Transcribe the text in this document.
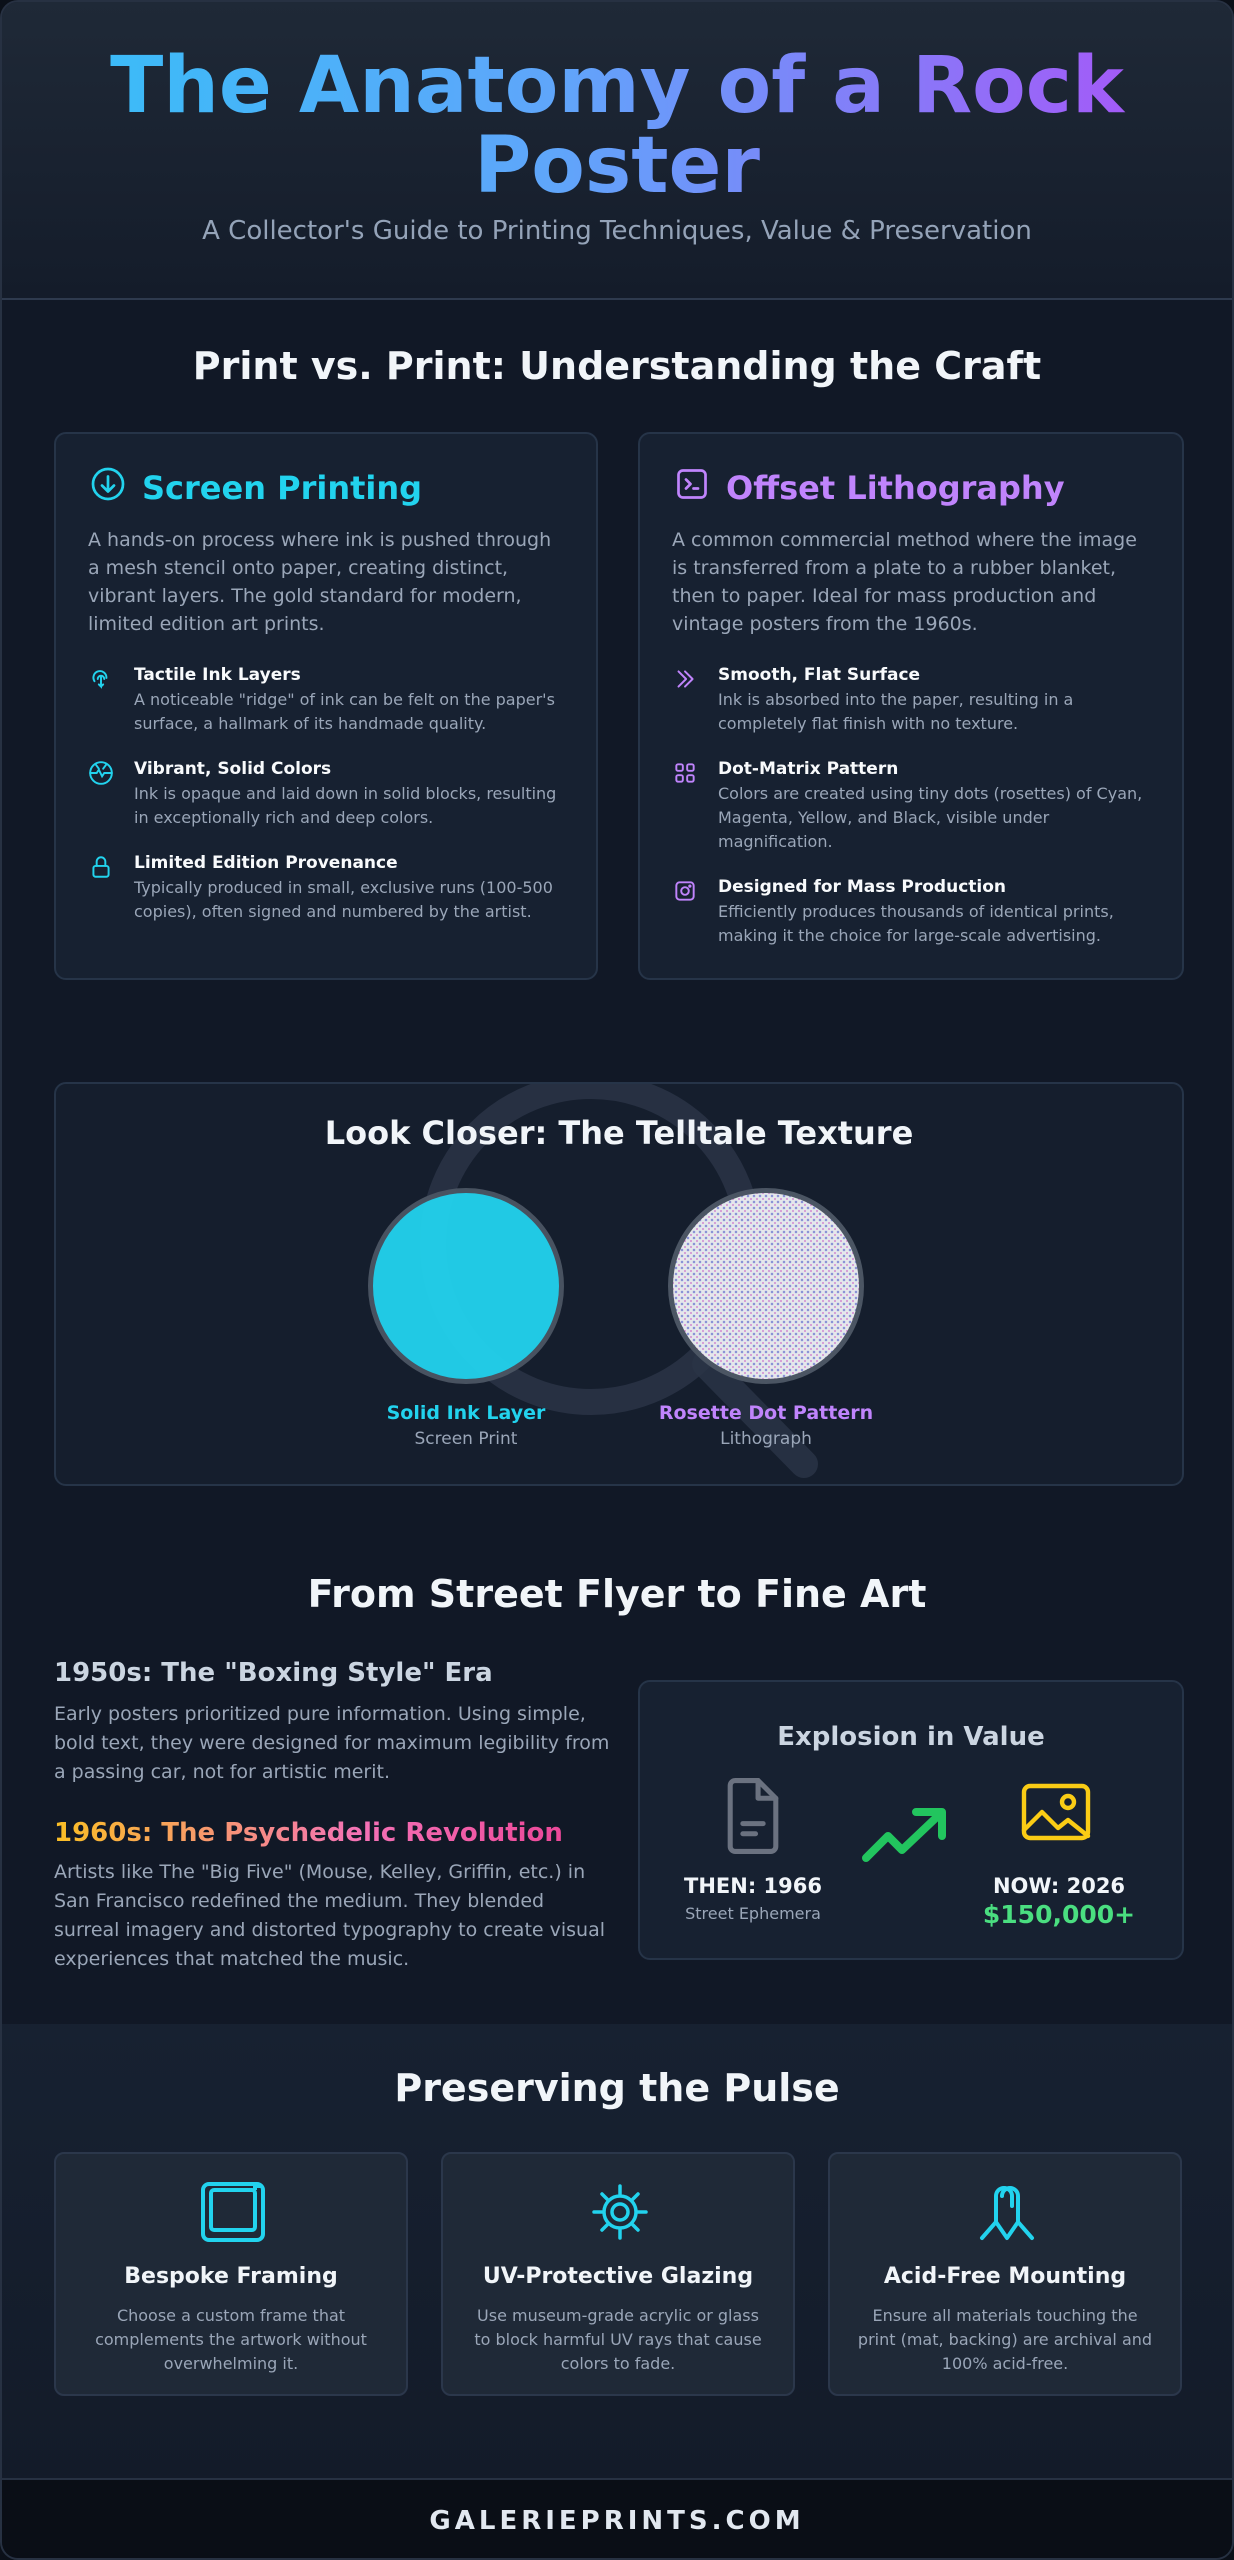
The Anatomy of a Rock Poster
A Collector's Guide to Printing Techniques, Value & Preservation
Print vs. Print: Understanding the Craft
Screen Printing
A hands-on process where ink is pushed through a mesh stencil onto paper, creating distinct, vibrant layers. The gold standard for modern, limited edition art prints.
Tactile Ink Layers
A noticeable "ridge" of ink can be felt on the paper's surface, a hallmark of its handmade quality.
Vibrant, Solid Colors
Ink is opaque and laid down in solid blocks, resulting in exceptionally rich and deep colors.
Limited Edition Provenance
Typically produced in small, exclusive runs (100-500 copies), often signed and numbered by the artist.
Offset Lithography
A common commercial method where the image is transferred from a plate to a rubber blanket, then to paper. Ideal for mass production and vintage posters from the 1960s.
Smooth, Flat Surface
Ink is absorbed into the paper, resulting in a completely flat finish with no texture.
Dot-Matrix Pattern
Colors are created using tiny dots (rosettes) of Cyan, Magenta, Yellow, and Black, visible under magnification.
Designed for Mass Production
Efficiently produces thousands of identical prints, making it the choice for large-scale advertising.
Look Closer: The Telltale Texture
Solid Ink Layer
Screen Print
Rosette Dot Pattern
Lithograph
From Street Flyer to Fine Art
1950s: The "Boxing Style" Era
Early posters prioritized pure information. Using simple, bold text, they were designed for maximum legibility from a passing car, not for artistic merit.
1960s: The Psychedelic Revolution
Artists like The "Big Five" (Mouse, Kelley, Griffin, etc.) in San Francisco redefined the medium. They blended surreal imagery and distorted typography to create visual experiences that matched the music.
Explosion in Value
THEN: 1966
Street Ephemera
NOW: 2026
$150,000+
Preserving the Pulse
Bespoke Framing
Choose a custom frame that complements the artwork without overwhelming it.
UV-Protective Glazing
Use museum-grade acrylic or glass to block harmful UV rays that cause colors to fade.
Acid-Free Mounting
Ensure all materials touching the print (mat, backing) are archival and 100% acid-free.
GALERIEPRINTS.COM
